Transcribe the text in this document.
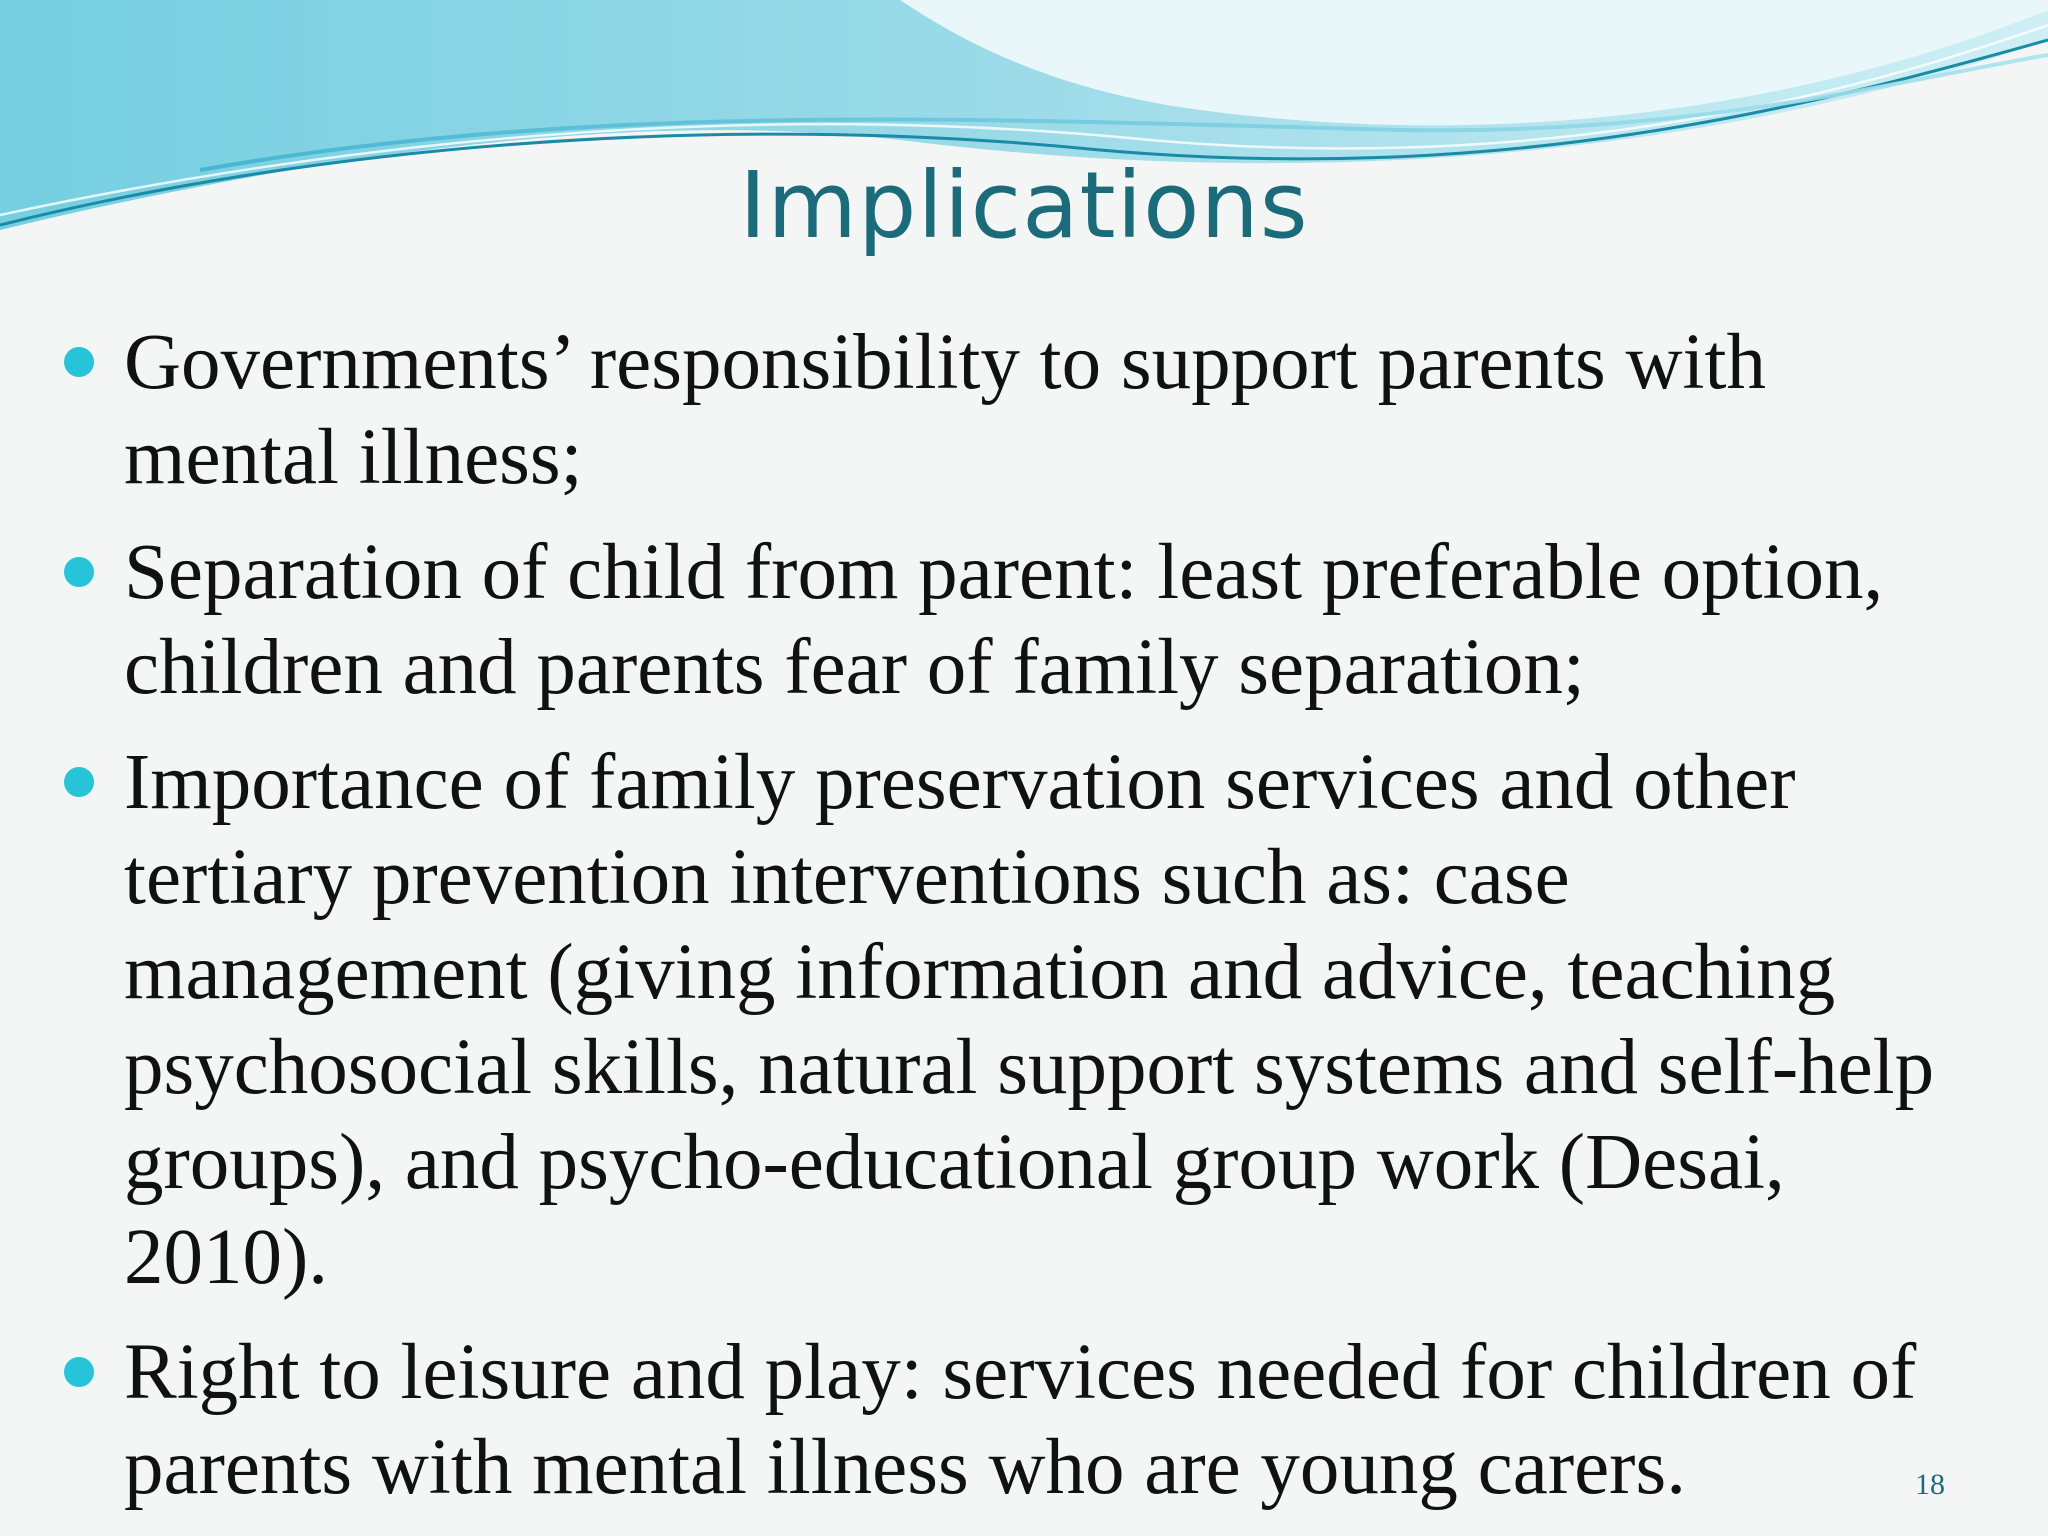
Implications
Governments’ responsibility to support parents with mental illness;
Separation of child from parent: least preferable option, children and parents fear of family separation;
Importance of family preservation services and other tertiary prevention interventions such as: case management (giving information and advice, teaching psychosocial skills, natural support systems and self-help groups), and psycho-educational group work (Desai, 2010).
Right to leisure and play: services needed for children of parents with mental illness who are young carers.	18
